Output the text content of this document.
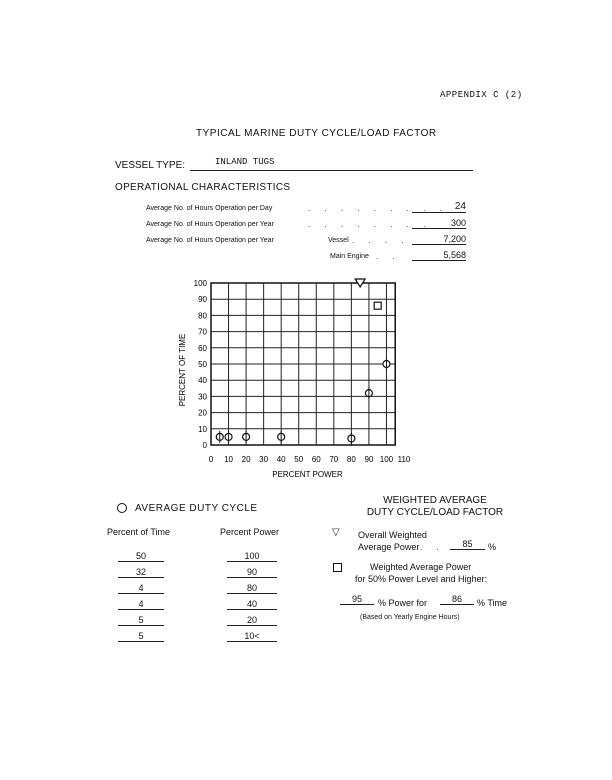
APPENDIX C (2)
TYPICAL MARINE DUTY CYCLE/LOAD FACTOR
VESSEL TYPE:	INLAND TUGS
OPERATIONAL CHARACTERISTICS
Average No. of Hours Operation per Day	. . . . . . . . . 24
Average No. of Hours Operation per Year	. . . . . . . .	300
Average No. of Hours Operation per Year	Vessel . . . .	7,200
Main Engine . .	5,568
0 10 20 30 40 50 60 70 80 90 100 110
0
10
20
30
40
50
60
70
80
90
100
PERCENT POWER
PERCENT OF TIME
AVERAGE DUTY CYCLE
Percent of Time	Percent Power
50	100
32	90
4	80
4	40
5	20
5	10<
WEIGHTED AVERAGE
DUTY CYCLE/LOAD FACTOR
▽ Overall Weighted
Average Power . .	85	%
Weighted Average Power
for 50% Power Level and Higher:
95	% Power for	86	% Time
(Based on Yearly Engine Hours)
